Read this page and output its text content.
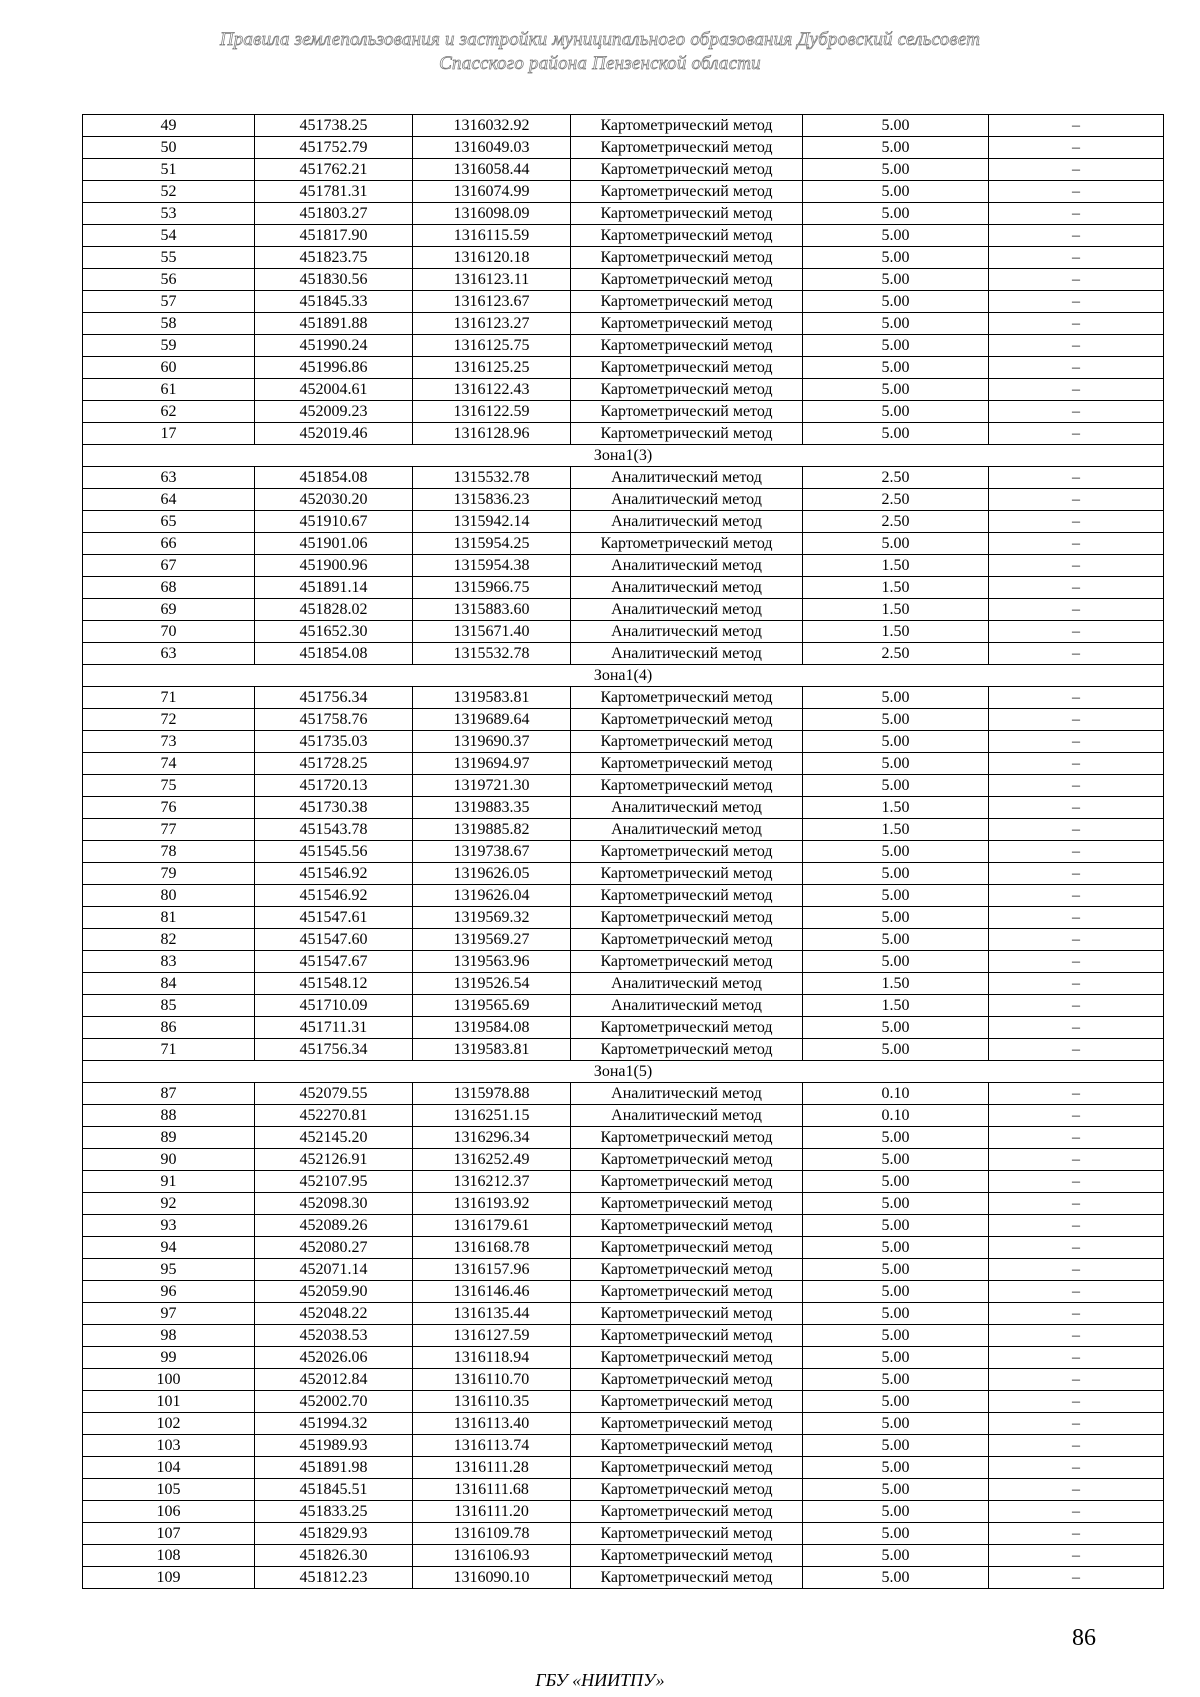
Правила землепользования и застройки муниципального образования Дубровский сельсовет
Спасского района Пензенской области
49	451738.25	1316032.92	Картометрический метод	5.00	–
50	451752.79	1316049.03	Картометрический метод	5.00	–
51	451762.21	1316058.44	Картометрический метод	5.00	–
52	451781.31	1316074.99	Картометрический метод	5.00	–
53	451803.27	1316098.09	Картометрический метод	5.00	–
54	451817.90	1316115.59	Картометрический метод	5.00	–
55	451823.75	1316120.18	Картометрический метод	5.00	–
56	451830.56	1316123.11	Картометрический метод	5.00	–
57	451845.33	1316123.67	Картометрический метод	5.00	–
58	451891.88	1316123.27	Картометрический метод	5.00	–
59	451990.24	1316125.75	Картометрический метод	5.00	–
60	451996.86	1316125.25	Картометрический метод	5.00	–
61	452004.61	1316122.43	Картометрический метод	5.00	–
62	452009.23	1316122.59	Картометрический метод	5.00	–
17	452019.46	1316128.96	Картометрический метод	5.00	–
Зона1(3)					
63	451854.08	1315532.78	Аналитический метод	2.50	–
64	452030.20	1315836.23	Аналитический метод	2.50	–
65	451910.67	1315942.14	Аналитический метод	2.50	–
66	451901.06	1315954.25	Картометрический метод	5.00	–
67	451900.96	1315954.38	Аналитический метод	1.50	–
68	451891.14	1315966.75	Аналитический метод	1.50	–
69	451828.02	1315883.60	Аналитический метод	1.50	–
70	451652.30	1315671.40	Аналитический метод	1.50	–
63	451854.08	1315532.78	Аналитический метод	2.50	–
Зона1(4)					
71	451756.34	1319583.81	Картометрический метод	5.00	–
72	451758.76	1319689.64	Картометрический метод	5.00	–
73	451735.03	1319690.37	Картометрический метод	5.00	–
74	451728.25	1319694.97	Картометрический метод	5.00	–
75	451720.13	1319721.30	Картометрический метод	5.00	–
76	451730.38	1319883.35	Аналитический метод	1.50	–
77	451543.78	1319885.82	Аналитический метод	1.50	–
78	451545.56	1319738.67	Картометрический метод	5.00	–
79	451546.92	1319626.05	Картометрический метод	5.00	–
80	451546.92	1319626.04	Картометрический метод	5.00	–
81	451547.61	1319569.32	Картометрический метод	5.00	–
82	451547.60	1319569.27	Картометрический метод	5.00	–
83	451547.67	1319563.96	Картометрический метод	5.00	–
84	451548.12	1319526.54	Аналитический метод	1.50	–
85	451710.09	1319565.69	Аналитический метод	1.50	–
86	451711.31	1319584.08	Картометрический метод	5.00	–
71	451756.34	1319583.81	Картометрический метод	5.00	–
Зона1(5)					
87	452079.55	1315978.88	Аналитический метод	0.10	–
88	452270.81	1316251.15	Аналитический метод	0.10	–
89	452145.20	1316296.34	Картометрический метод	5.00	–
90	452126.91	1316252.49	Картометрический метод	5.00	–
91	452107.95	1316212.37	Картометрический метод	5.00	–
92	452098.30	1316193.92	Картометрический метод	5.00	–
93	452089.26	1316179.61	Картометрический метод	5.00	–
94	452080.27	1316168.78	Картометрический метод	5.00	–
95	452071.14	1316157.96	Картометрический метод	5.00	–
96	452059.90	1316146.46	Картометрический метод	5.00	–
97	452048.22	1316135.44	Картометрический метод	5.00	–
98	452038.53	1316127.59	Картометрический метод	5.00	–
99	452026.06	1316118.94	Картометрический метод	5.00	–
100	452012.84	1316110.70	Картометрический метод	5.00	–
101	452002.70	1316110.35	Картометрический метод	5.00	–
102	451994.32	1316113.40	Картометрический метод	5.00	–
103	451989.93	1316113.74	Картометрический метод	5.00	–
104	451891.98	1316111.28	Картометрический метод	5.00	–
105	451845.51	1316111.68	Картометрический метод	5.00	–
106	451833.25	1316111.20	Картометрический метод	5.00	–
107	451829.93	1316109.78	Картометрический метод	5.00	–
108	451826.30	1316106.93	Картометрический метод	5.00	–
109	451812.23	1316090.10	Картометрический метод	5.00	–
86
ГБУ «НИИТПУ»
